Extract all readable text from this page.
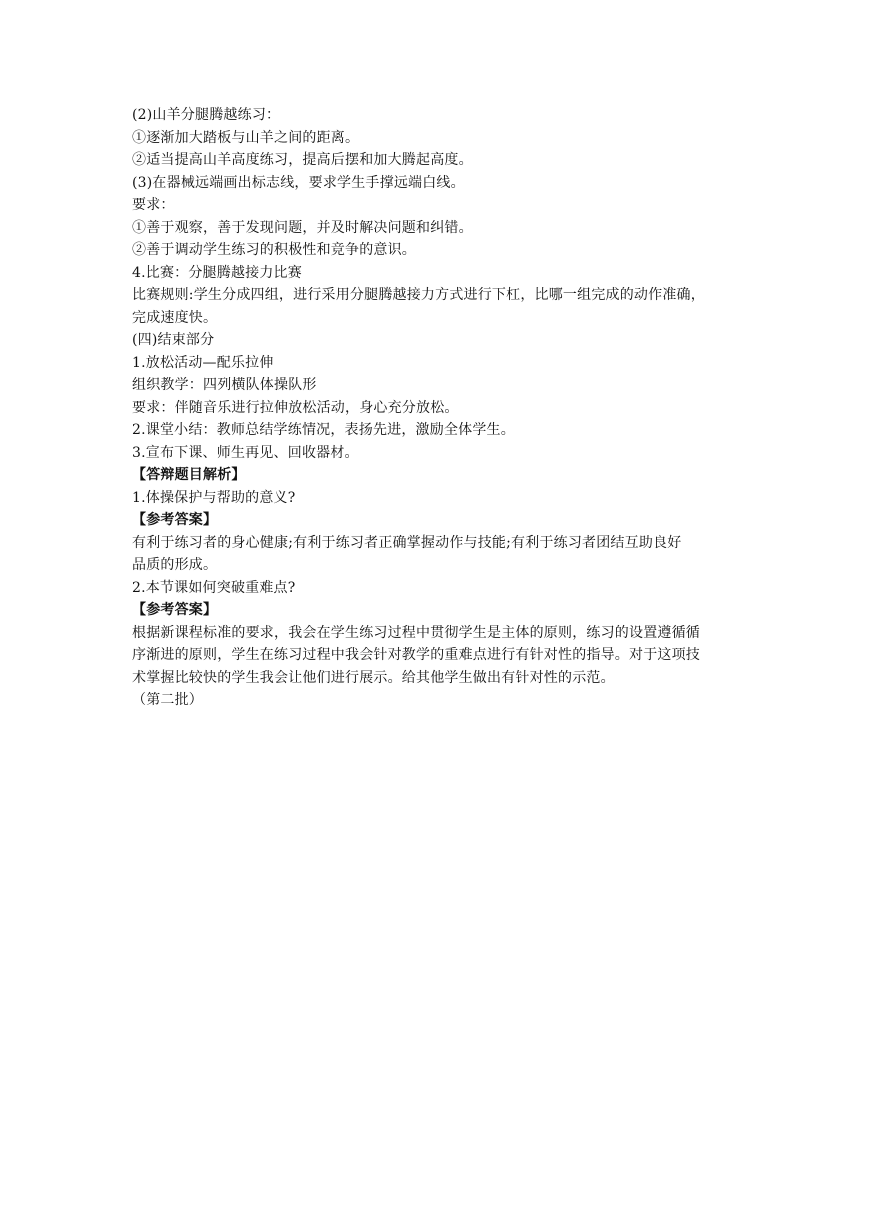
(2)山羊分腿腾越练习：
①逐渐加大踏板与山羊之间的距离。
②适当提高山羊高度练习，提高后摆和加大腾起高度。
(3)在器械远端画出标志线，要求学生手撑远端白线。
要求：
①善于观察，善于发现问题，并及时解决问题和纠错。
②善于调动学生练习的积极性和竞争的意识。
4.比赛：分腿腾越接力比赛
比赛规则:学生分成四组，进行采用分腿腾越接力方式进行下杠，比哪一组完成的动作准确，
完成速度快。
(四)结束部分
1.放松活动—配乐拉伸
组织教学：四列横队体操队形
要求：伴随音乐进行拉伸放松活动，身心充分放松。
2.课堂小结：教师总结学练情况，表扬先进，激励全体学生。
3.宣布下课、师生再见、回收器材。
【答辩题目解析】
1.体操保护与帮助的意义?
【参考答案】
有利于练习者的身心健康;有利于练习者正确掌握动作与技能;有利于练习者团结互助良好
品质的形成。
2.本节课如何突破重难点?
【参考答案】
根据新课程标准的要求，我会在学生练习过程中贯彻学生是主体的原则，练习的设置遵循循
序渐进的原则，学生在练习过程中我会针对教学的重难点进行有针对性的指导。对于这项技
术掌握比较快的学生我会让他们进行展示。给其他学生做出有针对性的示范。
（第二批）
